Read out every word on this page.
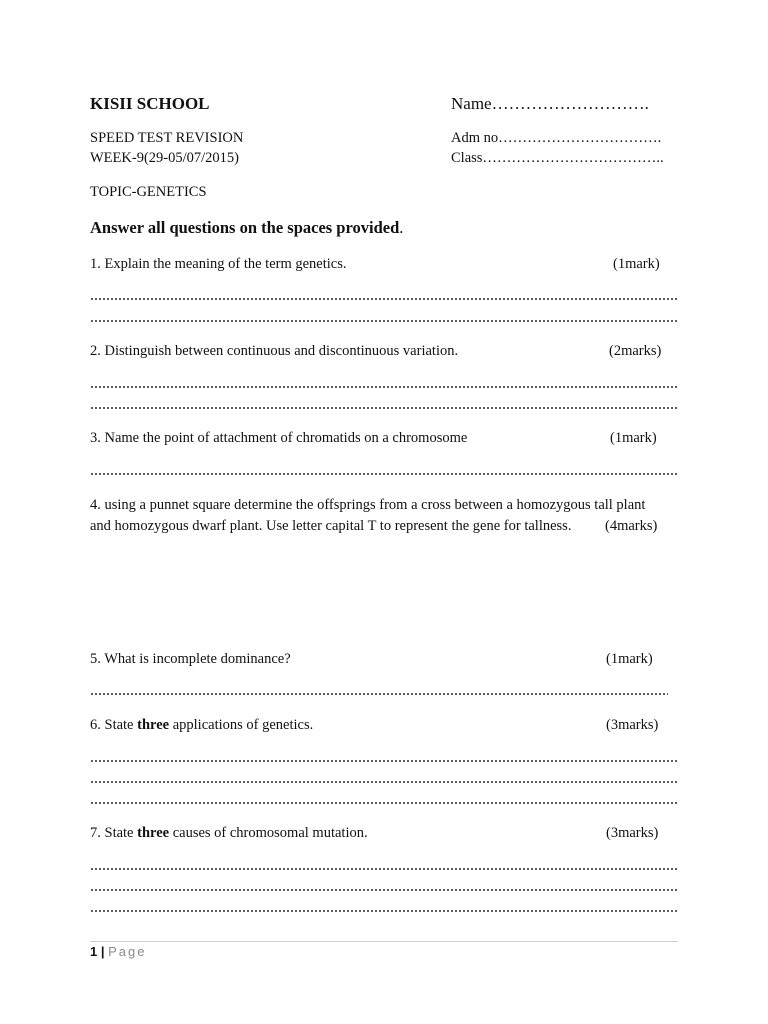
KISII SCHOOL	Name……………………….
SPEED TEST REVISION	Adm no…………………………….
WEEK-9(29-05/07/2015)	Class………………………………..
TOPIC-GENETICS
Answer all questions on the spaces provided.
1. Explain the meaning of the term genetics.	(1mark)
2. Distinguish between continuous and discontinuous variation.	(2marks)
3. Name the point of attachment of chromatids on a chromosome	(1mark)
4. using a punnet square determine the offsprings from a cross between a homozygous tall plant
and homozygous dwarf plant. Use letter capital T to represent the gene for tallness. (4marks)
5. What is incomplete dominance?	(1mark)
6. State three applications of genetics.	(3marks)
7. State three causes of chromosomal mutation.	(3marks)
1 | Page
